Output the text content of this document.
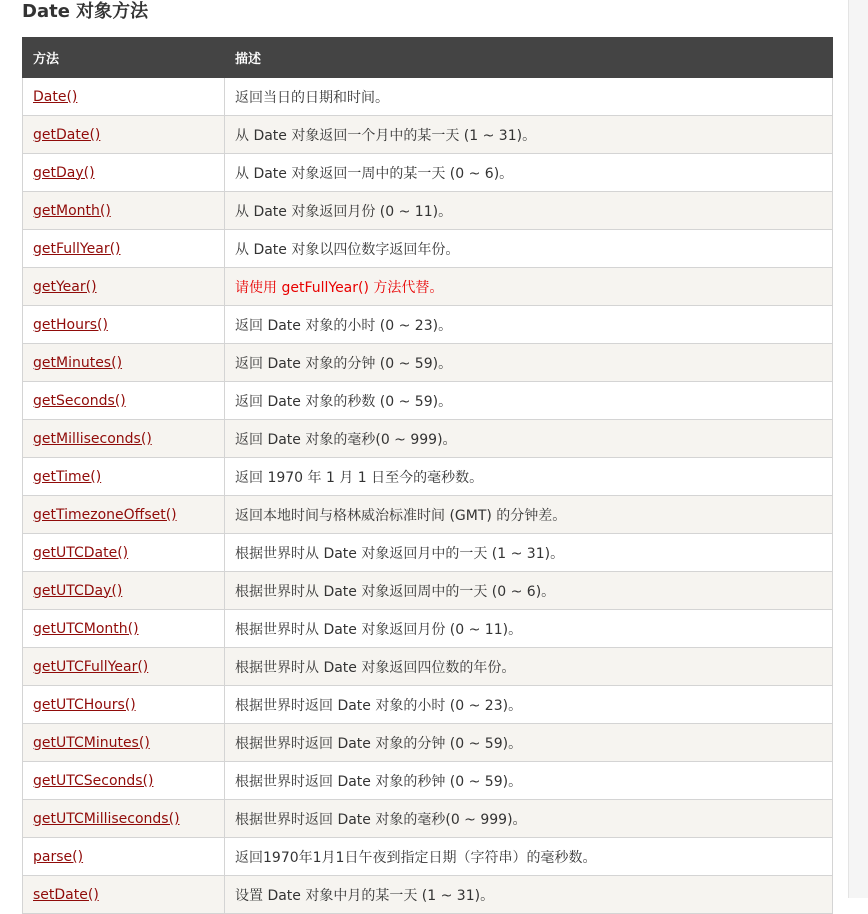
Date 对象方法
方法	描述
Date()	返回当日的日期和时间。
getDate()	从 Date 对象返回一个月中的某一天 (1 ~ 31)。
getDay()	从 Date 对象返回一周中的某一天 (0 ~ 6)。
getMonth()	从 Date 对象返回月份 (0 ~ 11)。
getFullYear()	从 Date 对象以四位数字返回年份。
getYear()	请使用 getFullYear() 方法代替。
getHours()	返回 Date 对象的小时 (0 ~ 23)。
getMinutes()	返回 Date 对象的分钟 (0 ~ 59)。
getSeconds()	返回 Date 对象的秒数 (0 ~ 59)。
getMilliseconds()	返回 Date 对象的毫秒(0 ~ 999)。
getTime()	返回 1970 年 1 月 1 日至今的毫秒数。
getTimezoneOffset()	返回本地时间与格林威治标准时间 (GMT) 的分钟差。
getUTCDate()	根据世界时从 Date 对象返回月中的一天 (1 ~ 31)。
getUTCDay()	根据世界时从 Date 对象返回周中的一天 (0 ~ 6)。
getUTCMonth()	根据世界时从 Date 对象返回月份 (0 ~ 11)。
getUTCFullYear()	根据世界时从 Date 对象返回四位数的年份。
getUTCHours()	根据世界时返回 Date 对象的小时 (0 ~ 23)。
getUTCMinutes()	根据世界时返回 Date 对象的分钟 (0 ~ 59)。
getUTCSeconds()	根据世界时返回 Date 对象的秒钟 (0 ~ 59)。
getUTCMilliseconds()	根据世界时返回 Date 对象的毫秒(0 ~ 999)。
parse()	返回1970年1月1日午夜到指定日期（字符串）的毫秒数。
setDate()	设置 Date 对象中月的某一天 (1 ~ 31)。
